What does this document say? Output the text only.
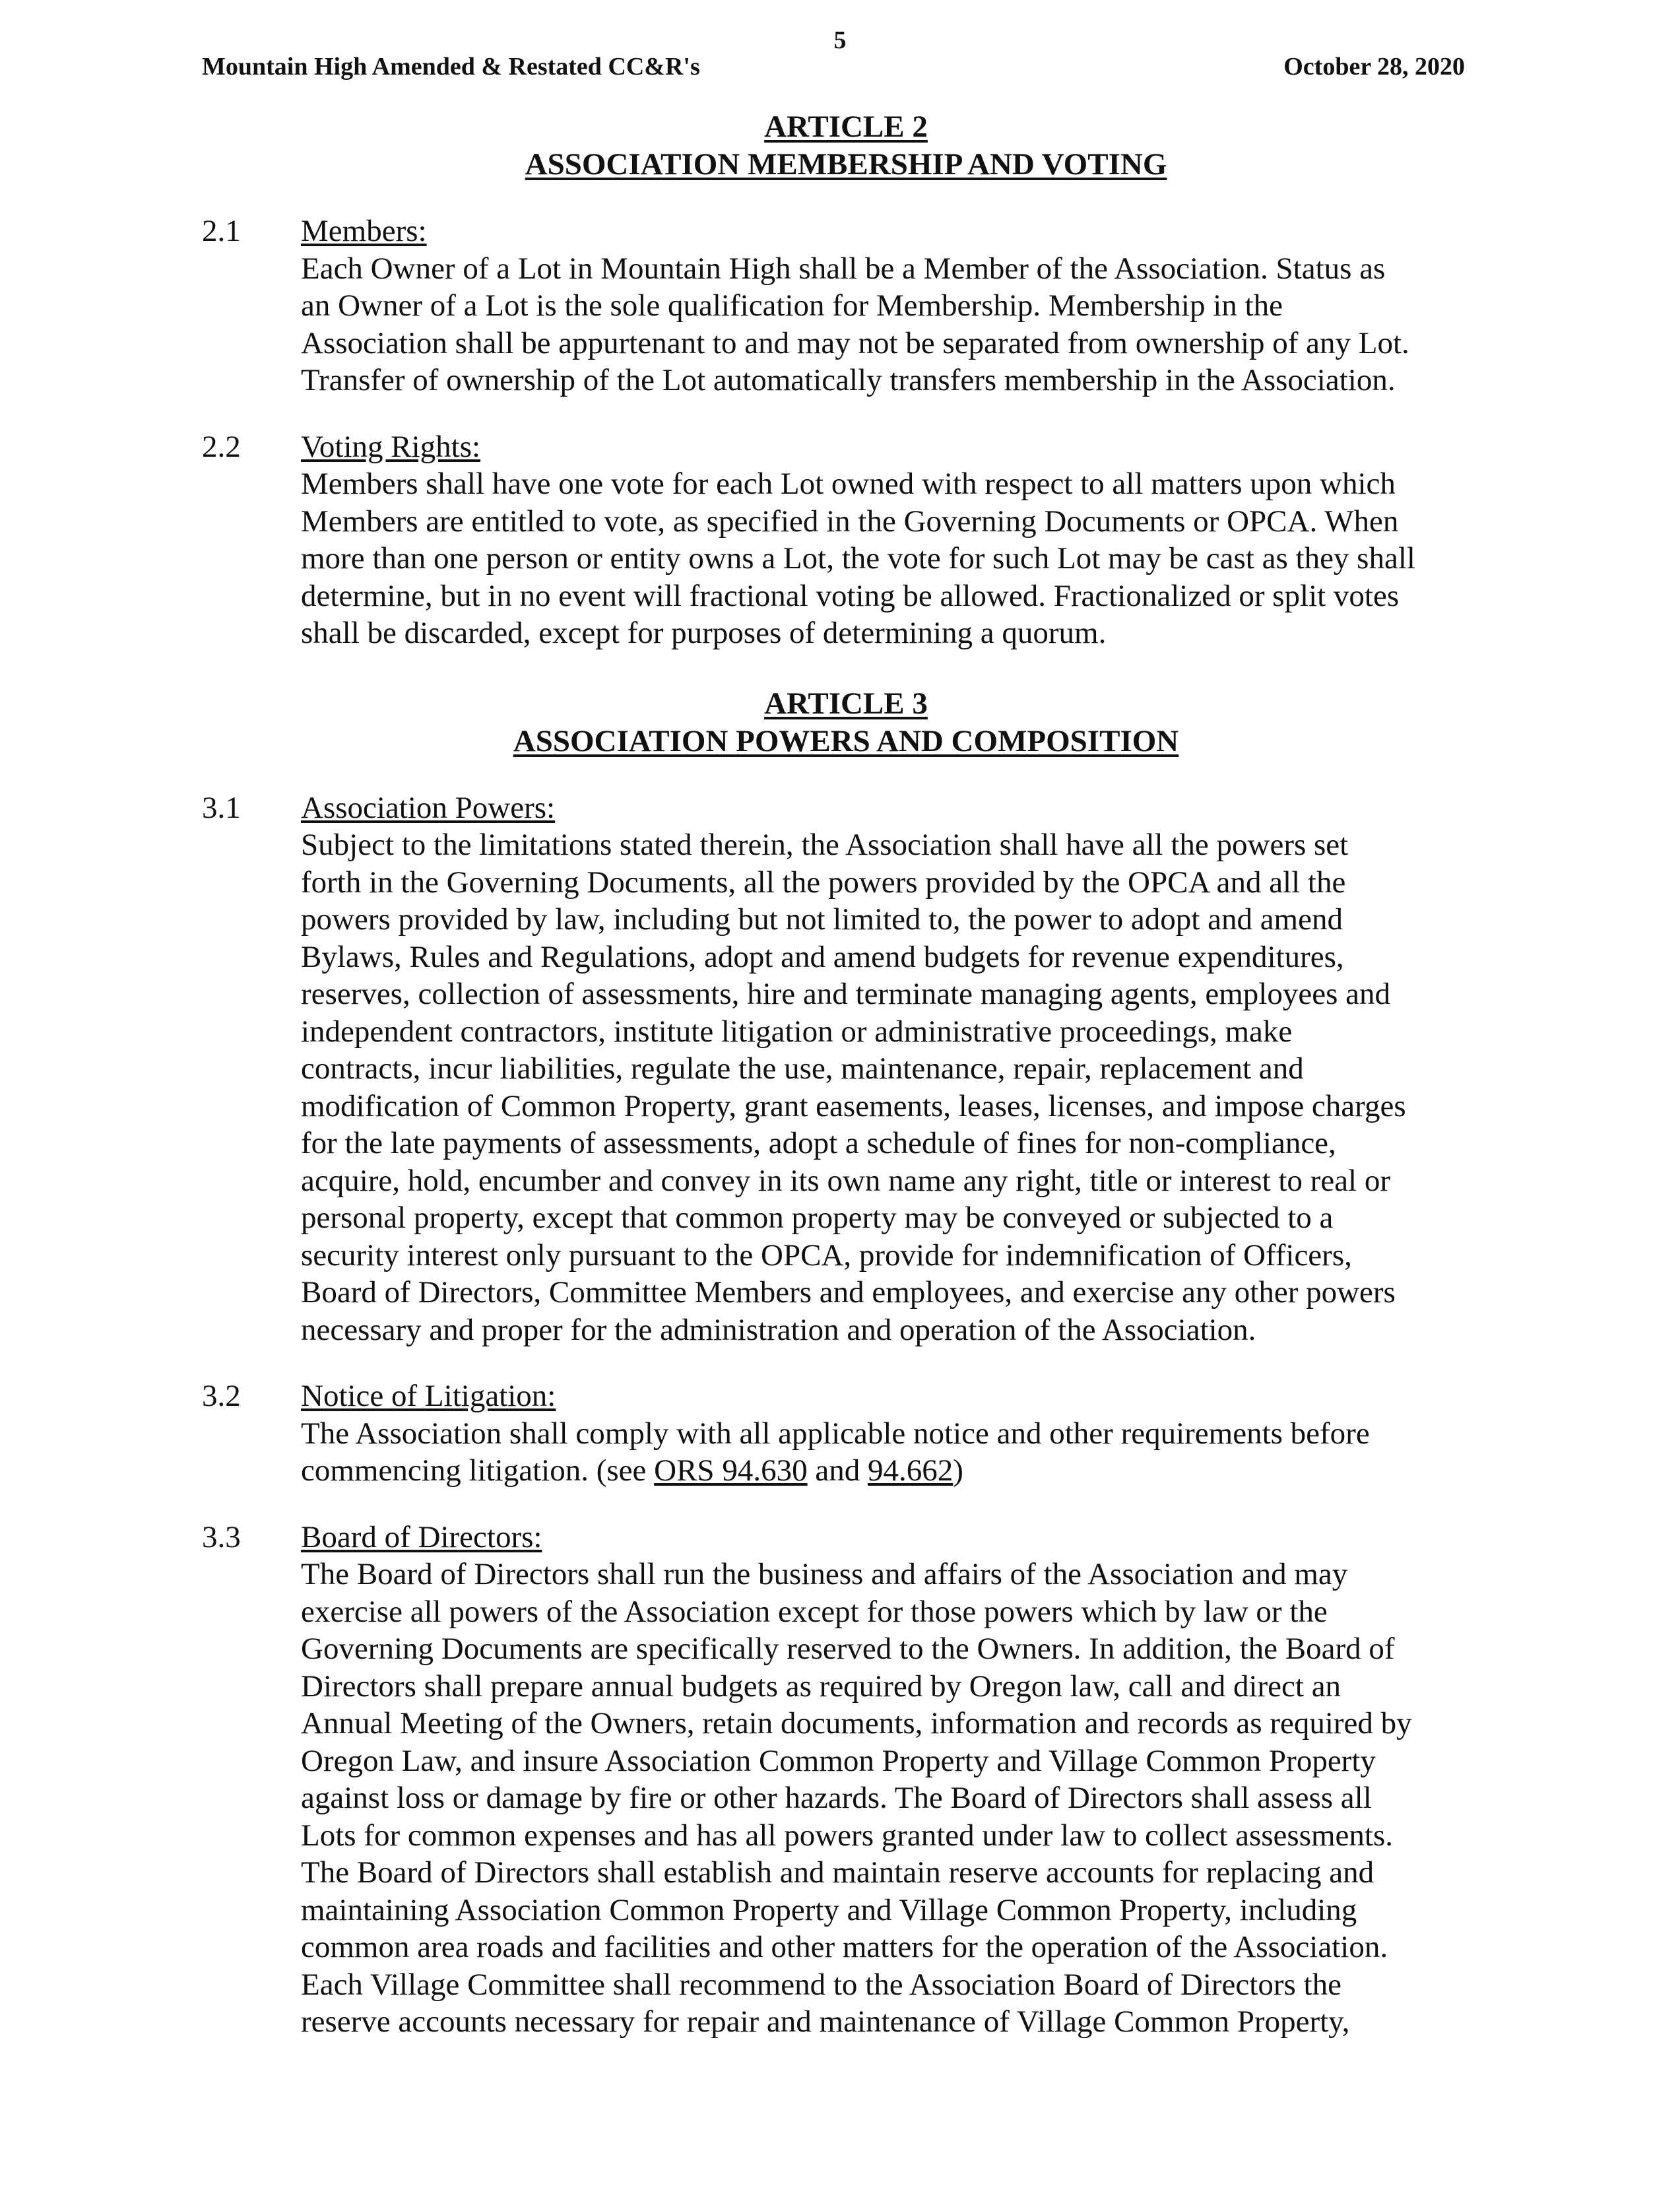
5
Mountain High Amended & Restated CC&R's	October 28, 2020
ARTICLE 2
ASSOCIATION MEMBERSHIP AND VOTING
2.1	Members:
Each Owner of a Lot in Mountain High shall be a Member of the Association. Status as
an Owner of a Lot is the sole qualification for Membership. Membership in the
Association shall be appurtenant to and may not be separated from ownership of any Lot.
Transfer of ownership of the Lot automatically transfers membership in the Association.
2.2	Voting Rights:
Members shall have one vote for each Lot owned with respect to all matters upon which
Members are entitled to vote, as specified in the Governing Documents or OPCA. When
more than one person or entity owns a Lot, the vote for such Lot may be cast as they shall
determine, but in no event will fractional voting be allowed. Fractionalized or split votes
shall be discarded, except for purposes of determining a quorum.
ARTICLE 3
ASSOCIATION POWERS AND COMPOSITION
3.1	Association Powers:
Subject to the limitations stated therein, the Association shall have all the powers set
forth in the Governing Documents, all the powers provided by the OPCA and all the
powers provided by law, including but not limited to, the power to adopt and amend
Bylaws, Rules and Regulations, adopt and amend budgets for revenue expenditures,
reserves, collection of assessments, hire and terminate managing agents, employees and
independent contractors, institute litigation or administrative proceedings, make
contracts, incur liabilities, regulate the use, maintenance, repair, replacement and
modification of Common Property, grant easements, leases, licenses, and impose charges
for the late payments of assessments, adopt a schedule of fines for non-compliance,
acquire, hold, encumber and convey in its own name any right, title or interest to real or
personal property, except that common property may be conveyed or subjected to a
security interest only pursuant to the OPCA, provide for indemnification of Officers,
Board of Directors, Committee Members and employees, and exercise any other powers
necessary and proper for the administration and operation of the Association.
3.2	Notice of Litigation:
The Association shall comply with all applicable notice and other requirements before
commencing litigation. (see ORS 94.630 and 94.662)
3.3	Board of Directors:
The Board of Directors shall run the business and affairs of the Association and may
exercise all powers of the Association except for those powers which by law or the
Governing Documents are specifically reserved to the Owners. In addition, the Board of
Directors shall prepare annual budgets as required by Oregon law, call and direct an
Annual Meeting of the Owners, retain documents, information and records as required by
Oregon Law, and insure Association Common Property and Village Common Property
against loss or damage by fire or other hazards. The Board of Directors shall assess all
Lots for common expenses and has all powers granted under law to collect assessments.
The Board of Directors shall establish and maintain reserve accounts for replacing and
maintaining Association Common Property and Village Common Property, including
common area roads and facilities and other matters for the operation of the Association.
Each Village Committee shall recommend to the Association Board of Directors the
reserve accounts necessary for repair and maintenance of Village Common Property,
